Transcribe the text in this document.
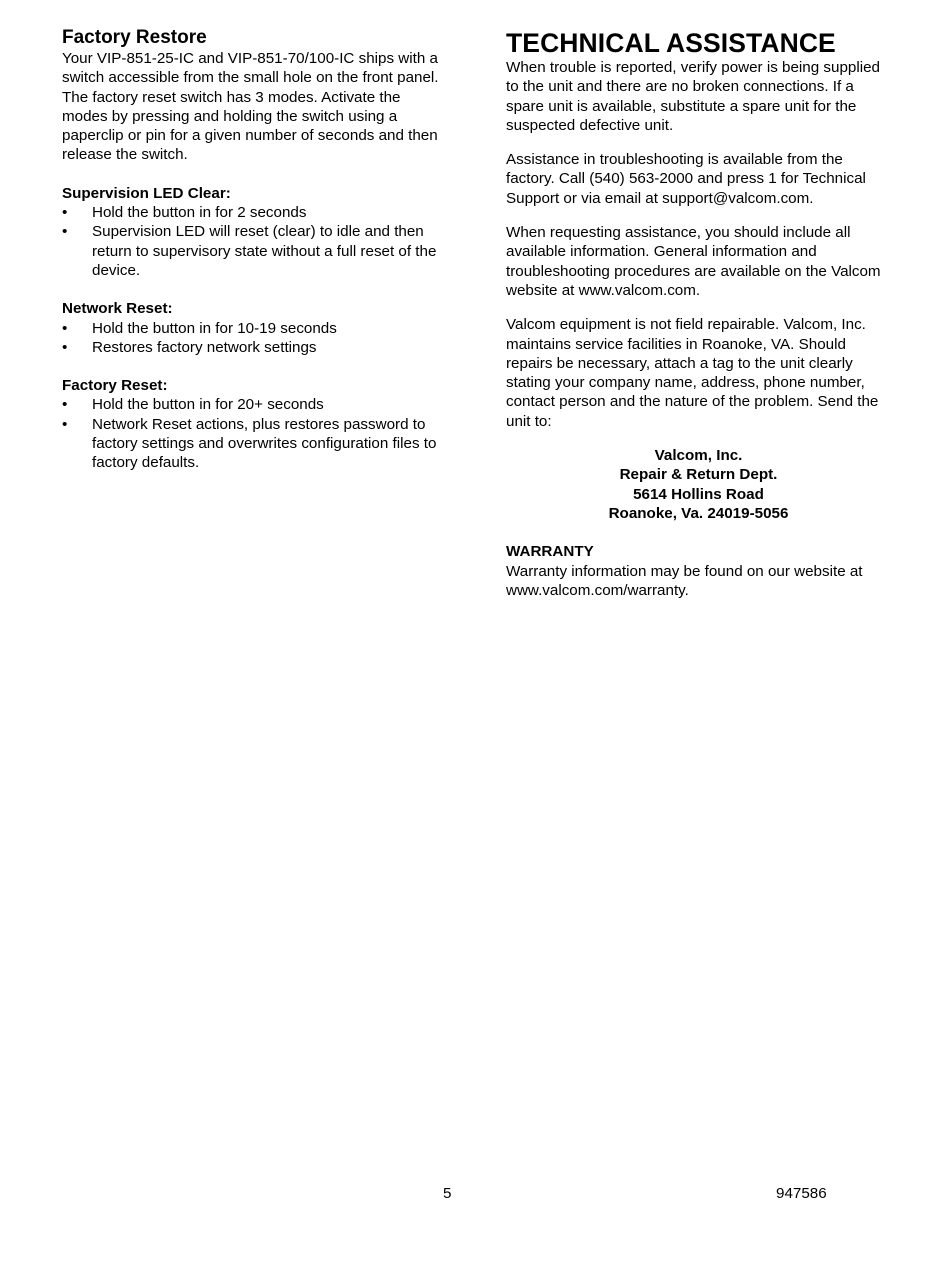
Factory Restore

Your VIP-851-25-IC and VIP-851-70/100-IC ships with a switch accessible from the small hole on the front panel. The factory reset switch has 3 modes. Activate the modes by pressing and holding the switch using a paperclip or pin for a given number of seconds and then release the switch.

Supervision LED Clear:
•	Hold the button in for 2 seconds
•	Supervision LED will reset (clear) to idle and then return to supervisory state without a full reset of the device.
Network Reset:
•	Hold the button in for 10-19 seconds
•	Restores factory network settings
Factory Reset:
•	Hold the button in for 20+ seconds
•	Network Reset actions, plus restores password to factory settings and overwrites configuration files to factory defaults.
TECHNICAL ASSISTANCE

When trouble is reported, verify power is being supplied to the unit and there are no broken connections. If a spare unit is available, substitute a spare unit for the suspected defective unit.

Assistance in troubleshooting is available from the factory. Call (540) 563-2000 and press 1 for Technical Support or via email at support@valcom.com.

When requesting assistance, you should include all available information. General information and troubleshooting procedures are available on the Valcom website at www.valcom.com.

Valcom equipment is not field repairable. Valcom, Inc. maintains service facilities in Roanoke, VA. Should repairs be necessary, attach a tag to the unit clearly stating your company name, address, phone number, contact person and the nature of the problem. Send the unit to:

Valcom, Inc.
Repair & Return Dept.
5614 Hollins Road
Roanoke, Va. 24019-5056
WARRANTY

Warranty information may be found on our website at www.valcom.com/warranty.

5	947586
